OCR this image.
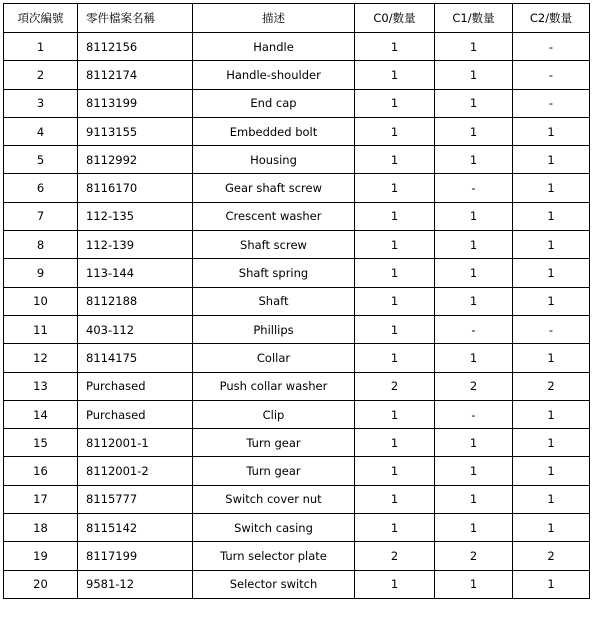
項次編號	零件檔案名稱	描述	C0/數量	C1/數量	C2/數量
1	8112156	Handle	1	1	-
2	8112174	Handle-shoulder	1	1	-
3	8113199	End cap	1	1	-
4	9113155	Embedded bolt	1	1	1
5	8112992	Housing	1	1	1
6	8116170	Gear shaft screw	1	-	1
7	112-135	Crescent washer	1	1	1
8	112-139	Shaft screw	1	1	1
9	113-144	Shaft spring	1	1	1
10	8112188	Shaft	1	1	1
11	403-112	Phillips	1	-	-
12	8114175	Collar	1	1	1
13	Purchased	Push collar washer	2	2	2
14	Purchased	Clip	1	-	1
15	8112001-1	Turn gear	1	1	1
16	8112001-2	Turn gear	1	1	1
17	8115777	Switch cover nut	1	1	1
18	8115142	Switch casing	1	1	1
19	8117199	Turn selector plate	2	2	2
20	9581-12	Selector switch	1	1	1
